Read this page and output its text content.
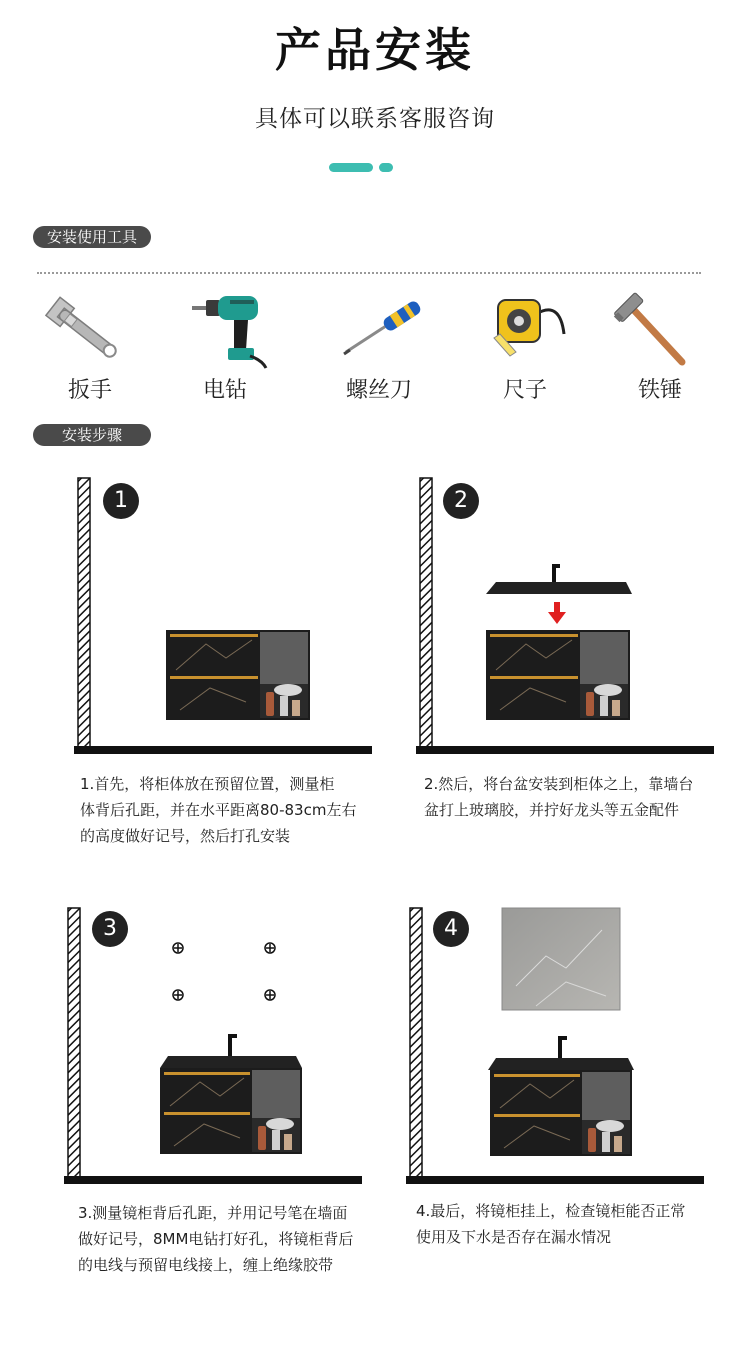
产品安装
具体可以联系客服咨询
安装使用工具
扳手	电钻	螺丝刀	尺子	铁锤
安装步骤
1
1.首先，将柜体放在预留位置，测量柜
体背后孔距，并在水平距离80-83cm左右
的高度做好记号，然后打孔安装
2
2.然后，将台盆安装到柜体之上，靠墙台
盆打上玻璃胶，并拧好龙头等五金配件
3
3.测量镜柜背后孔距，并用记号笔在墙面
做好记号，8MM电钻打好孔，将镜柜背后
的电线与预留电线接上，缠上绝缘胶带
4
4.最后，将镜柜挂上，检查镜柜能否正常
使用及下水是否存在漏水情况
